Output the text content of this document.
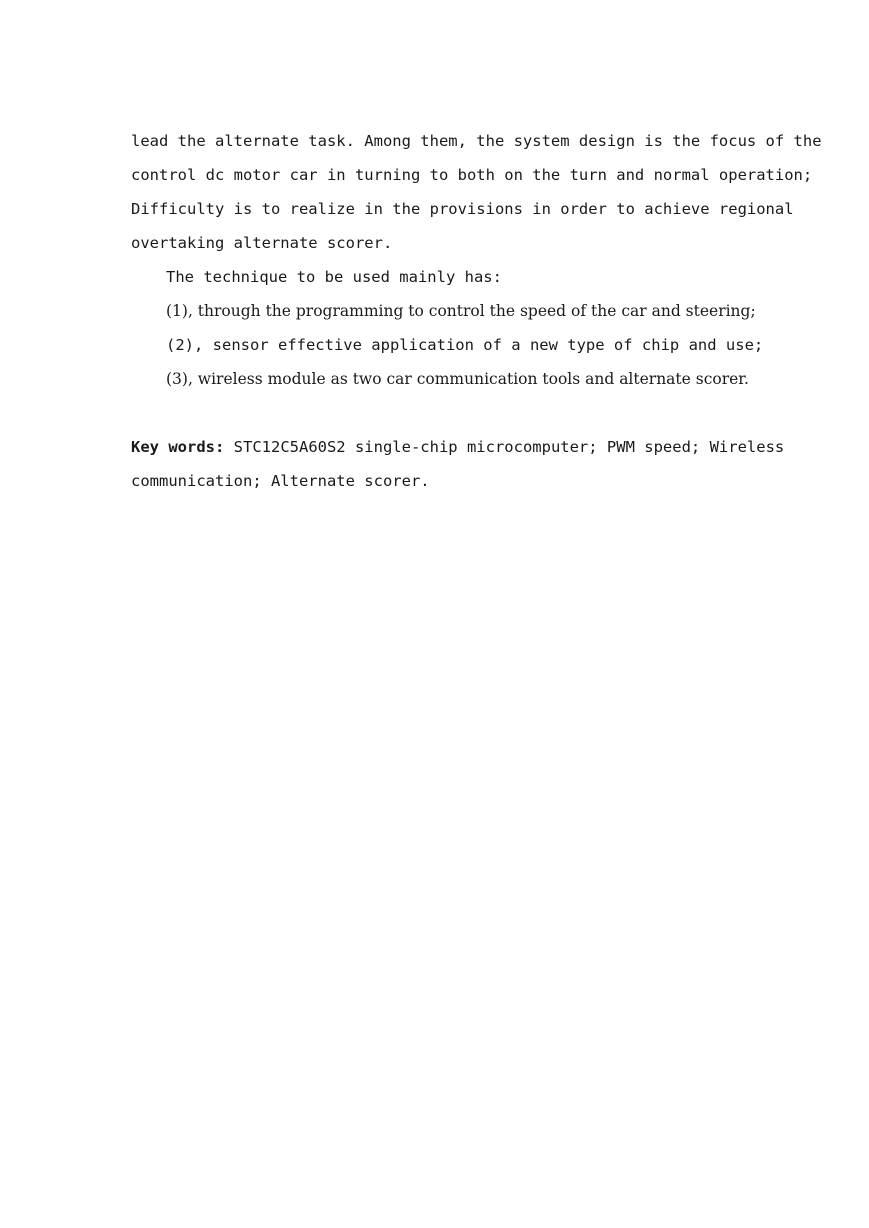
lead the alternate task. Among them, the system design is the focus of the
control dc motor car in turning to both on the turn and normal operation;
Difficulty is to realize in the provisions in order to achieve regional
overtaking alternate scorer.

The technique to be used mainly has:
(1), through the programming to control the speed of the car and steering;
(2), sensor effective application of a new type of chip and use;
(3), wireless module as two car communication tools and alternate scorer.

Key words: STC12C5A60S2 single-chip microcomputer; PWM speed; Wireless
communication; Alternate scorer.
